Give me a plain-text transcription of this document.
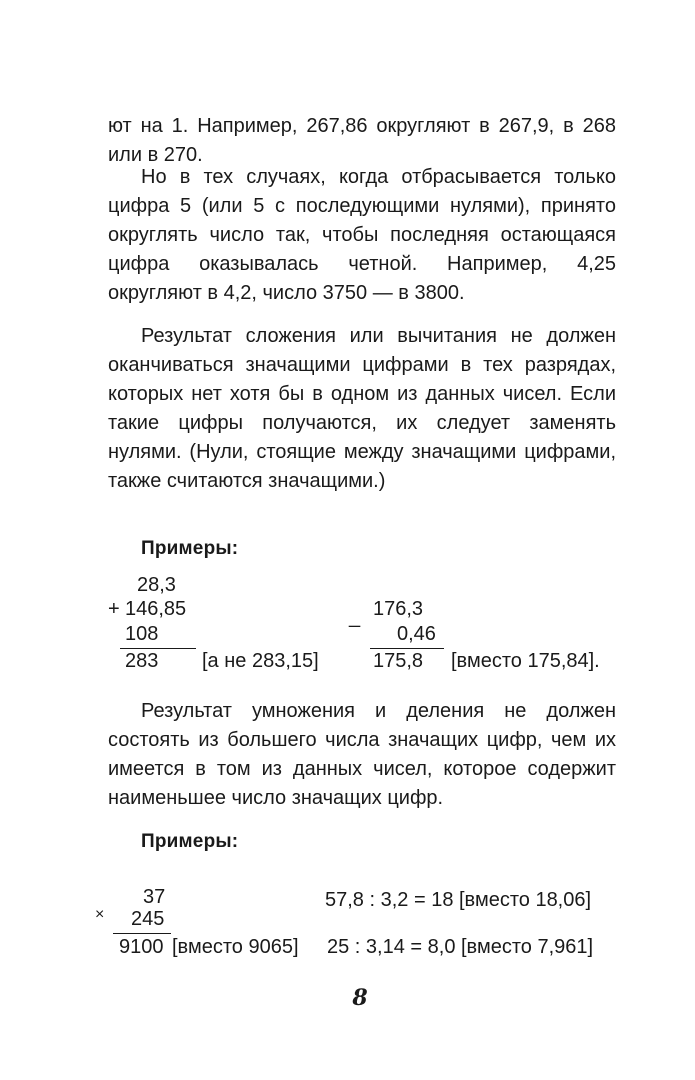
ют на 1. Например, 267,86 округляют в 267,9, в 268 или в 270.

Но в тех случаях, когда отбрасывается только цифра 5 (или 5 с последующими нулями), принято округлять число так, чтобы последняя остающаяся цифра оказывалась четной. Например, 4,25 округляют в 4,2, число 3750 — в 3800.

Результат сложения или вычитания не должен оканчиваться значащими цифрами в тех разрядах, которых нет хотя бы в одном из данных чисел. Если такие цифры получаются, их следует заменять нулями. (Нули, стоящие между значащими цифрами, также считаются значащими.)

Примеры:

28,3
+ 146,85
108
283 [а не 283,15]
176,3
_
0,46
175,8 [вместо 175,84].

Результат умножения и деления не должен состоять из большего числа значащих цифр, чем их имеется в том из данных чисел, которое содержит наименьшее число значащих цифр.

Примеры:

37
× 245
9100 [вместо 9065]
57,8 : 3,2 = 18 [вместо 18,06]
25 : 3,14 = 8,0 [вместо 7,961]
8
